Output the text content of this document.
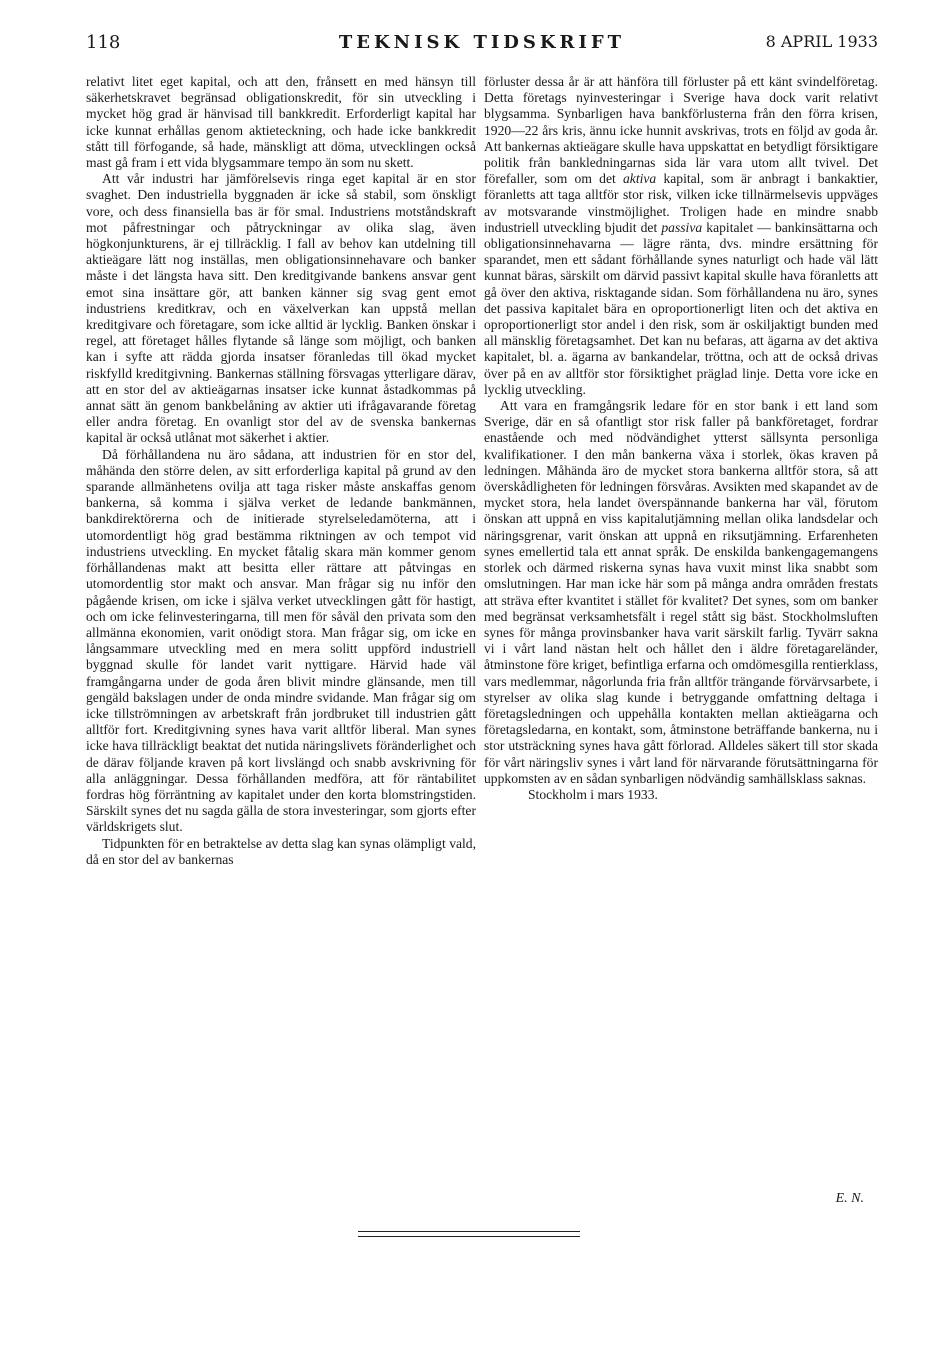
118	TEKNISK TIDSKRIFT	8 APRIL 1933

relativt litet eget kapital, och att den, frånsett en med hänsyn till säkerhetskravet begränsad obligationskredit, för sin utveckling i mycket hög grad är hänvisad till bankkredit. Erforderligt kapital har icke kunnat erhållas genom aktieteckning, och hade icke bankkredit stått till förfogande, så hade, mänskligt att döma, utvecklingen också mast gå fram i ett vida blygsammare tempo än som nu skett.

Att vår industri har jämförelsevis ringa eget kapital är en stor svaghet. Den industriella byggnaden är icke så stabil, som önskligt vore, och dess finansiella bas är för smal. Industriens motståndskraft mot påfrestningar och påtryckningar av olika slag, även högkonjunkturens, är ej tillräcklig. I fall av behov kan utdelning till aktieägare lätt nog inställas, men obligationsinnehavare och banker måste i det längsta hava sitt. Den kreditgivande bankens ansvar gent emot sina insättare gör, att banken känner sig svag gent emot industriens kreditkrav, och en växelverkan kan uppstå mellan kreditgivare och företagare, som icke alltid är lycklig. Banken önskar i regel, att företaget hålles flytande så länge som möjligt, och banken kan i syfte att rädda gjorda insatser föranledas till ökad mycket riskfylld kreditgivning. Bankernas ställning försvagas ytterligare därav, att en stor del av aktieägarnas insatser icke kunnat åstadkommas på annat sätt än genom bankbelåning av aktier uti ifrågavarande företag eller andra företag. En ovanligt stor del av de svenska bankernas kapital är också utlånat mot säkerhet i aktier.

Då förhållandena nu äro sådana, att industrien för en stor del, måhända den större delen, av sitt erforderliga kapital på grund av den sparande allmänhetens ovilja att taga risker måste anskaffas genom bankerna, så komma i själva verket de ledande bankmännen, bankdirektörerna och de initierade styrelseledamöterna, att i utomordentligt hög grad bestämma riktningen av och tempot vid industriens utveckling. En mycket fåtalig skara män kommer genom förhållandenas makt att besitta eller rättare att påtvingas en utomordentlig stor makt och ansvar. Man frågar sig nu inför den pågående krisen, om icke i själva verket utvecklingen gått för hastigt, och om icke felinvesteringarna, till men för såväl den privata som den allmänna ekonomien, varit onödigt stora. Man frågar sig, om icke en långsammare utveckling med en mera solitt uppförd industriell byggnad skulle för landet varit nyttigare. Härvid hade väl framgångarna under de goda åren blivit mindre glänsande, men till gengäld bakslagen under de onda mindre svidande. Man frågar sig om icke tillströmningen av arbetskraft från jordbruket till industrien gått alltför fort. Kreditgivning synes hava varit alltför liberal. Man synes icke hava tillräckligt beaktat det nutida näringslivets föränderlighet och de därav följande kraven på kort livslängd och snabb avskrivning för alla anläggningar. Dessa förhållanden medföra, att för räntabilitet fordras hög förräntning av kapitalet under den korta blomstringstiden. Särskilt synes det nu sagda gälla de stora investeringar, som gjorts efter världskrigets slut.

Tidpunkten för en betraktelse av detta slag kan synas olämpligt vald, då en stor del av bankernas

förluster dessa år är att hänföra till förluster på ett känt svindelföretag. Detta företags nyinvesteringar i Sverige hava dock varit relativt blygsamma. Synbarligen hava bankförlusterna från den förra krisen, 1920—22 års kris, ännu icke hunnit avskrivas, trots en följd av goda år. Att bankernas aktieägare skulle hava uppskattat en betydligt försiktigare politik från bankledningarnas sida lär vara utom allt tvivel. Det förefaller, som om det aktiva kapital, som är anbragt i bankaktier, föranletts att taga alltför stor risk, vilken icke tillnärmelsevis uppväges av motsvarande vinstmöjlighet. Troligen hade en mindre snabb industriell utveckling bjudit det passiva kapitalet — bankinsättarna och obligationsinnehavarna — lägre ränta, dvs. mindre ersättning för sparandet, men ett sådant förhållande synes naturligt och hade väl lätt kunnat bäras, särskilt om därvid passivt kapital skulle hava föranletts att gå över den aktiva, risktagande sidan. Som förhållandena nu äro, synes det passiva kapitalet bära en oproportionerligt liten och det aktiva en oproportionerligt stor andel i den risk, som är oskiljaktigt bunden med all mänsklig företagsamhet. Det kan nu befaras, att ägarna av det aktiva kapitalet, bl. a. ägarna av bankandelar, tröttna, och att de också drivas över på en av alltför stor försiktighet präglad linje. Detta vore icke en lycklig utveckling.

Att vara en framgångsrik ledare för en stor bank i ett land som Sverige, där en så ofantligt stor risk faller på bankföretaget, fordrar enastående och med nödvändighet ytterst sällsynta personliga kvalifikationer. I den mån bankerna växa i storlek, ökas kraven på ledningen. Måhända äro de mycket stora bankerna alltför stora, så att överskådligheten för ledningen försvåras. Avsikten med skapandet av de mycket stora, hela landet överspännande bankerna har väl, förutom önskan att uppnå en viss kapitalutjämning mellan olika landsdelar och näringsgrenar, varit önskan att uppnå en riksutjämning. Erfarenheten synes emellertid tala ett annat språk. De enskilda bankengagemangens storlek och därmed riskerna synas hava vuxit minst lika snabbt som omslutningen. Har man icke här som på många andra områden frestats att sträva efter kvantitet i stället för kvalitet? Det synes, som om banker med begränsat verksamhetsfält i regel stått sig bäst. Stockholmsluften synes för många provinsbanker hava varit särskilt farlig. Tyvärr sakna vi i vårt land nästan helt och hållet den i äldre företagareländer, åtminstone före kriget, befintliga erfarna och omdömesgilla rentierklass, vars medlemmar, någorlunda fria från alltför trängande förvärvsarbete, i styrelser av olika slag kunde i betryggande omfattning deltaga i företagsledningen och uppehålla kontakten mellan aktieägarna och företagsledarna, en kontakt, som, åtminstone beträffande bankerna, nu i stor utsträckning synes hava gått förlorad. Alldeles säkert till stor skada för vårt näringsliv synes i vårt land för närvarande förutsättningarna för uppkomsten av en sådan synbarligen nödvändig samhällsklass saknas.

Stockholm i mars 1933.

E. N.
